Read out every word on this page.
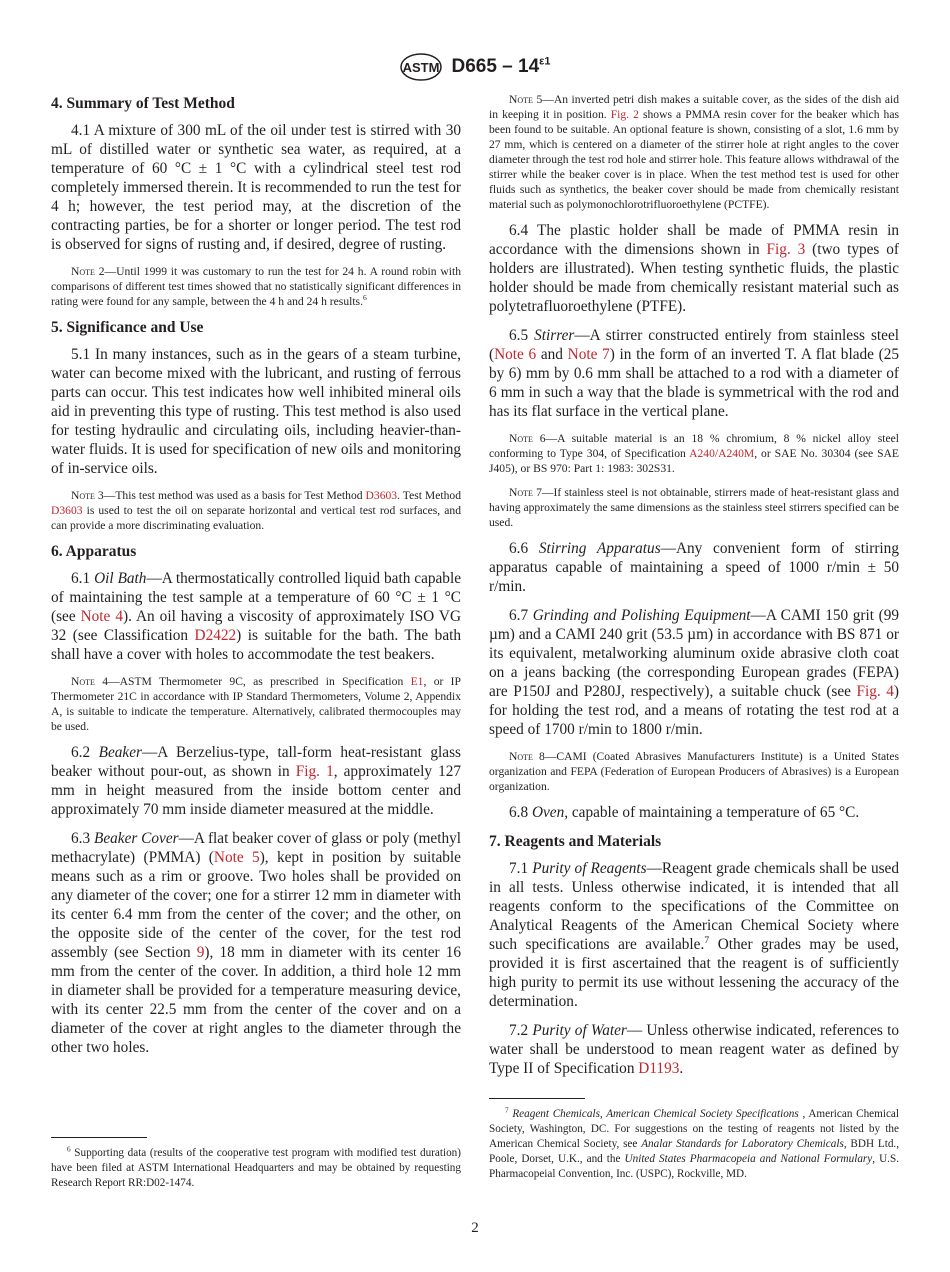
ASTM $D665 - 14^{\varepsilon 1}$
4. Summary of Test Method
4.1 A mixture of 300 mL of the oil under test is stirred with 30 mL of distilled water or synthetic sea water, as required, at a temperature of 60 °C ± 1 °C with a cylindrical steel test rod completely immersed therein. It is recommended to run the test for 4 h; however, the test period may, at the discretion of the contracting parties, be for a shorter or longer period. The test rod is observed for signs of rusting and, if desired, degree of rusting.
Note 2—Until 1999 it was customary to run the test for 24 h. A round robin with comparisons of different test times showed that no statistically significant differences in rating were found for any sample, between the 4 h and 24 h results.$^6$
5. Significance and Use
5.1 In many instances, such as in the gears of a steam turbine, water can become mixed with the lubricant, and rusting of ferrous parts can occur. This test indicates how well inhibited mineral oils aid in preventing this type of rusting. This test method is also used for testing hydraulic and circulating oils, including heavier-than-water fluids. It is used for specification of new oils and monitoring of in-service oils.
Note 3—This test method was used as a basis for Test Method D3603. Test Method D3603 is used to test the oil on separate horizontal and vertical test rod surfaces, and can provide a more discriminating evaluation.
6. Apparatus
6.1 Oil Bath—A thermostatically controlled liquid bath capable of maintaining the test sample at a temperature of 60 °C ± 1 °C (see Note 4). An oil having a viscosity of approximately ISO VG 32 (see Classification D2422) is suitable for the bath. The bath shall have a cover with holes to accommodate the test beakers.
Note 4—ASTM Thermometer 9C, as prescribed in Specification E1, or IP Thermometer 21C in accordance with IP Standard Thermometers, Volume 2, Appendix A, is suitable to indicate the temperature. Alternatively, calibrated thermocouples may be used.
6.2 Beaker—A Berzelius-type, tall-form heat-resistant glass beaker without pour-out, as shown in Fig. 1, approximately 127 mm in height measured from the inside bottom center and approximately 70 mm inside diameter measured at the middle.
6.3 Beaker Cover—A flat beaker cover of glass or poly (methyl methacrylate) (PMMA) (Note 5), kept in position by suitable means such as a rim or groove. Two holes shall be provided on any diameter of the cover; one for a stirrer 12 mm in diameter with its center 6.4 mm from the center of the cover; and the other, on the opposite side of the center of the cover, for the test rod assembly (see Section 9), 18 mm in diameter with its center 16 mm from the center of the cover. In addition, a third hole 12 mm in diameter shall be provided for a temperature measuring device, with its center 22.5 mm from the center of the cover and on a diameter of the cover at right angles to the diameter through the other two holes.
Note 5—An inverted petri dish makes a suitable cover, as the sides of the dish aid in keeping it in position. Fig. 2 shows a PMMA resin cover for the beaker which has been found to be suitable. An optional feature is shown, consisting of a slot, 1.6 mm by 27 mm, which is centered on a diameter of the stirrer hole at right angles to the cover diameter through the test rod hole and stirrer hole. This feature allows withdrawal of the stirrer while the beaker cover is in place. When the test method test is used for other fluids such as synthetics, the beaker cover should be made from chemically resistant material such as polymonochlorotrifluoroethylene (PCTFE).
6.4 The plastic holder shall be made of PMMA resin in accordance with the dimensions shown in Fig. 3 (two types of holders are illustrated). When testing synthetic fluids, the plastic holder should be made from chemically resistant material such as polytetrafluoroethylene (PTFE).
6.5 Stirrer—A stirrer constructed entirely from stainless steel (Note 6 and Note 7) in the form of an inverted T. A flat blade (25 by 6) mm by 0.6 mm shall be attached to a rod with a diameter of 6 mm in such a way that the blade is symmetrical with the rod and has its flat surface in the vertical plane.
Note 6—A suitable material is an 18 % chromium, 8 % nickel alloy steel conforming to Type 304, of Specification A240/A240M, or SAE No. 30304 (see SAE J405), or BS 970: Part 1: 1983: 302S31.
Note 7—If stainless steel is not obtainable, stirrers made of heat-resistant glass and having approximately the same dimensions as the stainless steel stirrers specified can be used.
6.6 Stirring Apparatus—Any convenient form of stirring apparatus capable of maintaining a speed of 1000 r/min ± 50 r/min.
6.7 Grinding and Polishing Equipment—A CAMI 150 grit (99 µm) and a CAMI 240 grit (53.5 µm) in accordance with BS 871 or its equivalent, metalworking aluminum oxide abrasive cloth coat on a jeans backing (the corresponding European grades (FEPA) are P150J and P280J, respectively), a suitable chuck (see Fig. 4) for holding the test rod, and a means of rotating the test rod at a speed of 1700 r/min to 1800 r/min.
Note 8—CAMI (Coated Abrasives Manufacturers Institute) is a United States organization and FEPA (Federation of European Producers of Abrasives) is a European organization.
6.8 Oven, capable of maintaining a temperature of 65 °C.
7. Reagents and Materials
7.1 Purity of Reagents—Reagent grade chemicals shall be used in all tests. Unless otherwise indicated, it is intended that all reagents conform to the specifications of the Committee on Analytical Reagents of the American Chemical Society where such specifications are available.$^7$ Other grades may be used, provided it is first ascertained that the reagent is of sufficiently high purity to permit its use without lessening the accuracy of the determination.
7.2 Purity of Water— Unless otherwise indicated, references to water shall be understood to mean reagent water as defined by Type II of Specification D1193.
$^6$ Supporting data (results of the cooperative test program with modified test duration) have been filed at ASTM International Headquarters and may be obtained by requesting Research Report RR:D02-1474.
$^7$ Reagent Chemicals, American Chemical Society Specifications , American Chemical Society, Washington, DC. For suggestions on the testing of reagents not listed by the American Chemical Society, see Analar Standards for Laboratory Chemicals, BDH Ltd., Poole, Dorset, U.K., and the United States Pharmacopeia and National Formulary, U.S. Pharmacopeial Convention, Inc. (USPC), Rockville, MD.
2
